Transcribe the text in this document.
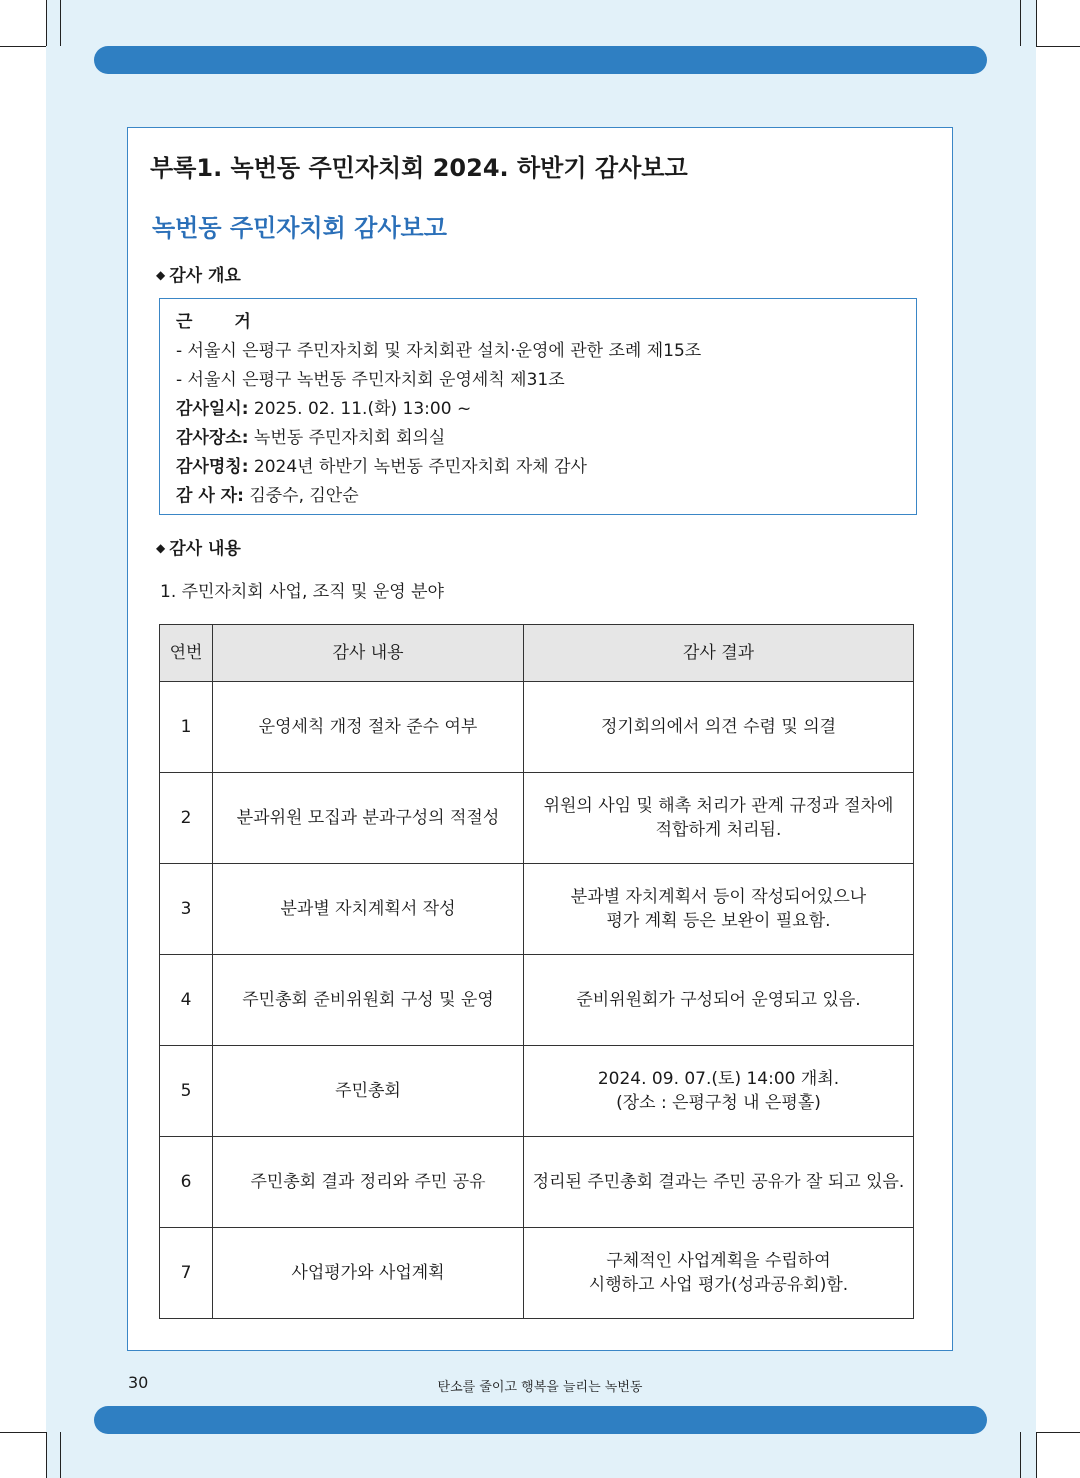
부록1. 녹번동 주민자치회 2024. 하반기 감사보고
녹번동 주민자치회 감사보고
◆ 감사 개요
근 거
- 서울시 은평구 주민자치회 및 자치회관 설치·운영에 관한 조례 제15조
- 서울시 은평구 녹번동 주민자치회 운영세칙 제31조
감사일시: 2025. 02. 11.(화) 13:00 ~
감사장소: 녹번동 주민자치회 회의실
감사명칭: 2024년 하반기 녹번동 주민자치회 자체 감사
감 사 자: 김중수, 김안순
◆ 감사 내용
1. 주민자치회 사업, 조직 및 운영 분야
연번	감사 내용	감사 결과
1	운영세칙 개정 절차 준수 여부	정기회의에서 의견 수렴 및 의결

2	분과위원 모집과 분과구성의 적절성	위원의 사임 및 해촉 처리가 관계 규정과 절차에
적합하게 처리됨.

3	분과별 자치계획서 작성	분과별 자치계획서 등이 작성되어있으나
평가 계획 등은 보완이 필요함.

4	주민총회 준비위원회 구성 및 운영	준비위원회가 구성되어 운영되고 있음.

5	주민총회	2024. 09. 07.(토) 14:00 개최.
(장소 : 은평구청 내 은평홀)

6	주민총회 결과 정리와 주민 공유	정리된 주민총회 결과는 주민 공유가 잘 되고 있음.

7	사업평가와 사업계획	구체적인 사업계획을 수립하여
시행하고 사업 평가(성과공유회)함.
30	탄소를 줄이고 행복을 늘리는 녹번동
